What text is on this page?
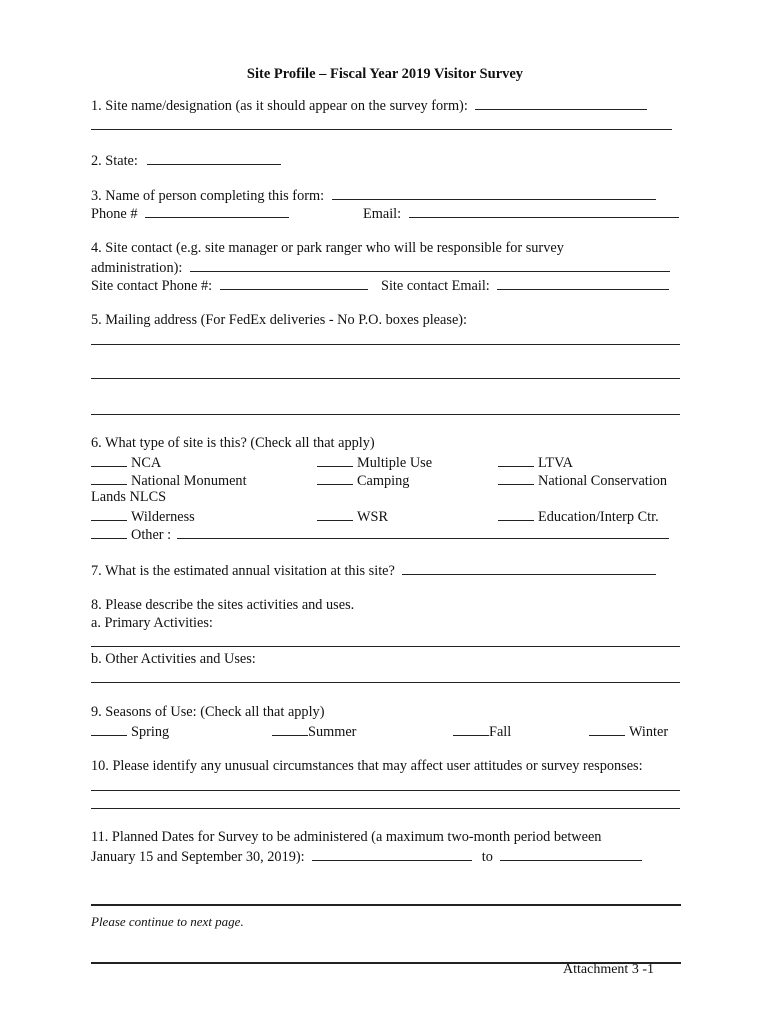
Site Profile – Fiscal Year 2019 Visitor Survey
1. Site name/designation (as it should appear on the survey form):
2. State:
3. Name of person completing this form:
Phone #	Email:
4. Site contact (e.g. site manager or park ranger who will be responsible for survey
administration):
Site contact Phone #:	Site contact Email:
5. Mailing address (For FedEx deliveries - No P.O. boxes please):
6. What type of site is this? (Check all that apply)
NCA	Multiple Use	LTVA
National Monument	Camping	National Conservation
Lands NLCS
Wilderness	WSR	Education/Interp Ctr.
Other :
7. What is the estimated annual visitation at this site?
8. Please describe the sites activities and uses.
a. Primary Activities:
b. Other Activities and Uses:
9. Seasons of Use: (Check all that apply)
Spring	Summer	Fall	Winter
10. Please identify any unusual circumstances that may affect user attitudes or survey responses:
11. Planned Dates for Survey to be administered (a maximum two-month period between
January 15 and September 30, 2019):	to
Please continue to next page.
Attachment 3 -1
